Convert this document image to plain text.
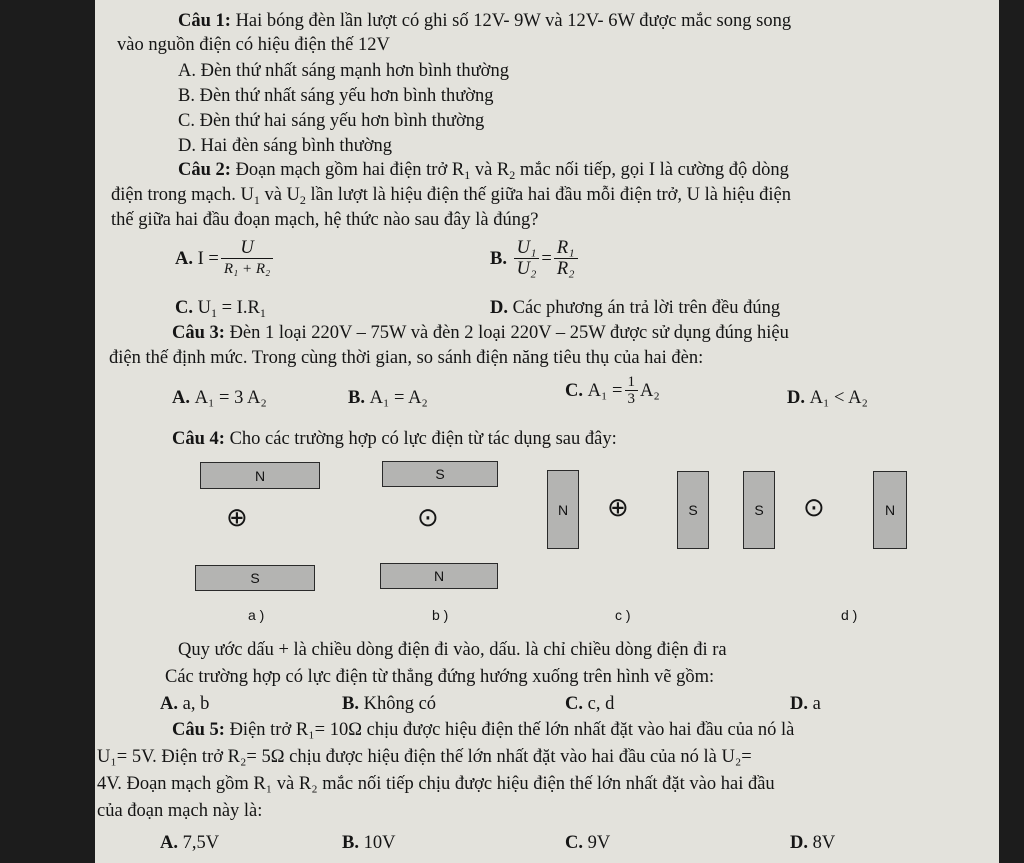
Câu 1: Hai bóng đèn lần lượt có ghi số 12V- 9W và 12V- 6W được mắc song song
vào nguồn điện có hiệu điện thế 12V
A. Đèn thứ nhất sáng mạnh hơn bình thường
B. Đèn thứ nhất sáng yếu hơn bình thường
C. Đèn thứ hai sáng yếu hơn bình thường
D. Hai đèn sáng bình thường
Câu 2: Đoạn mạch gồm hai điện trở $R_1$ và $R_2$ mắc nối tiếp, gọi I là cường độ dòng
điện trong mạch. $U_1$ và $U_2$ lần lượt là hiệu điện thế giữa hai đầu mỗi điện trở, U là hiệu điện
thế giữa hai đầu đoạn mạch, hệ thức nào sau đây là đúng?
A.
$I = \frac{U}{\text{R₁ + R₂}}$	B.
$\frac{\text{U₁}}{\text{U₂}} = \frac{\text{R₁}}{\text{R₂}}$
C. $U_1 = I.R_1$	D. Các phương án trả lời trên đều đúng
Câu 3: Đèn 1 loại 220V – 75W và đèn 2 loại 220V – 25W được sử dụng đúng hiệu
điện thế định mức. Trong cùng thời gian, so sánh điện năng tiêu thụ của hai đèn:
A. A₁ = 3 A₂	B. A₁ = A₂	C.
$A_1 = \frac{1}{3} A_2$	D. A₁ < A₂
Câu 4: Cho các trường hợp có lực điện từ tác dụng sau đây:
N
⊕
S
a )
S
⊙
N
b )
N	⊕	S
c )
S	⊙	N
d )
Quy ước dấu + là chiều dòng điện đi vào, dấu. là chỉ chiều dòng điện đi ra
Các trường hợp có lực điện từ thẳng đứng hướng xuống trên hình vẽ gồm:
A. a, b	B. Không có	C. c, d	D. a
Câu 5: Điện trở R₁= 10Ω chịu được hiệu điện thế lớn nhất đặt vào hai đầu của nó là
U₁= 5V. Điện trở R₂= 5Ω chịu được hiệu điện thế lớn nhất đặt vào hai đầu của nó là U₂=
4V. Đoạn mạch gồm R₁ và R₂ mắc nối tiếp chịu được hiệu điện thế lớn nhất đặt vào hai đầu
của đoạn mạch này là:
A. 7,5V	B. 10V	C. 9V	D. 8V
